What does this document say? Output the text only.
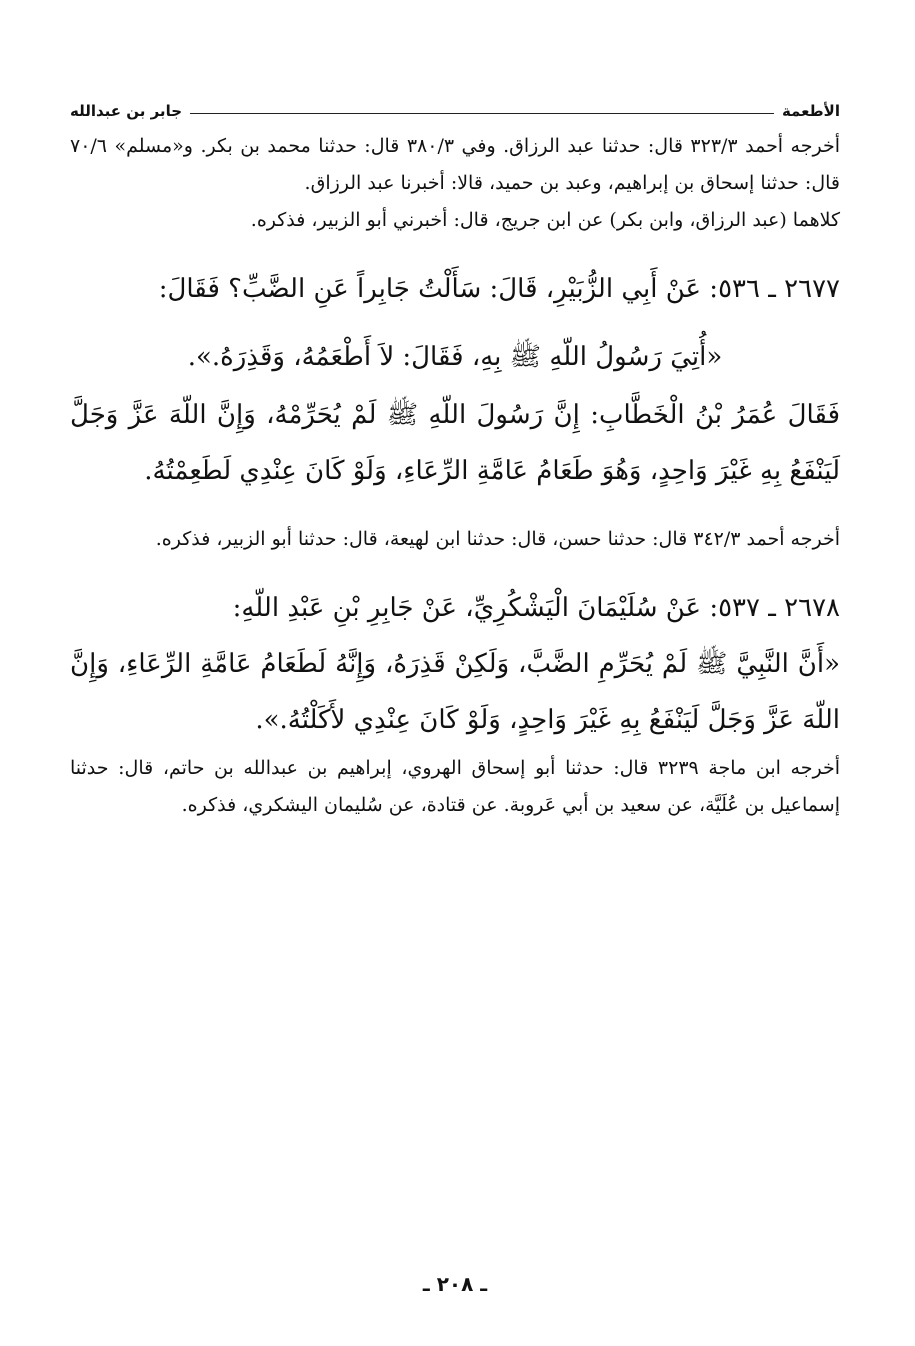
الأطعمة
جابر بن عبدالله

أخرجه أحمد ٣٢٣/٣ قال: حدثنا عبد الرزاق. وفي ٣٨٠/٣ قال: حدثنا محمد بن بكر. و«مسلم» ٧٠/٦ قال: حدثنا إسحاق بن إبراهيم، وعبد بن حميد، قالا: أخبرنا عبد الرزاق.

كلاهما (عبد الرزاق، وابن بكر) عن ابن جريج، قال: أخبرني أبو الزبير، فذكره.

٢٦٧٧ ـ ٥٣٦: عَنْ أَبِي الزُّبَيْرِ، قَالَ: سَأَلْتُ جَابِراً عَنِ الضَّبِّ؟ فَقَالَ:

«أُتِيَ رَسُولُ اللّهِ ﷺ بِهِ، فَقَالَ: لاَ أَطْعَمُهُ، وَقَذِرَهُ.».

فَقَالَ عُمَرُ بْنُ الْخَطَّابِ: إِنَّ رَسُولَ اللّهِ ﷺ لَمْ يُحَرِّمْهُ، وَإِنَّ اللّهَ عَزَّ وَجَلَّ لَيَنْفَعُ بِهِ غَيْرَ وَاحِدٍ، وَهُوَ طَعَامُ عَامَّةِ الرِّعَاءِ، وَلَوْ كَانَ عِنْدِي لَطَعِمْتُهُ.

أخرجه أحمد ٣٤٢/٣ قال: حدثنا حسن، قال: حدثنا ابن لهيعة، قال: حدثنا أبو الزبير، فذكره.

٢٦٧٨ ـ ٥٣٧: عَنْ سُلَيْمَانَ الْيَشْكُرِيِّ، عَنْ جَابِرِ بْنِ عَبْدِ اللّهِ:

«أَنَّ النَّبِيَّ ﷺ لَمْ يُحَرِّمِ الضَّبَّ، وَلَكِنْ قَذِرَهُ، وَإِنَّهُ لَطَعَامُ عَامَّةِ الرِّعَاءِ، وَإِنَّ اللّهَ عَزَّ وَجَلَّ لَيَنْفَعُ بِهِ غَيْرَ وَاحِدٍ، وَلَوْ كَانَ عِنْدِي لأَكَلْتُهُ.».

أخرجه ابن ماجة ٣٢٣٩ قال: حدثنا أبو إسحاق الهروي، إبراهيم بن عبدالله بن حاتم، قال: حدثنا إسماعيل بن عُلَيَّة، عن سعيد بن أبي عَروبة. عن قتادة، عن سُليمان اليشكري، فذكره.

ـ ٢٠٨ ـ
